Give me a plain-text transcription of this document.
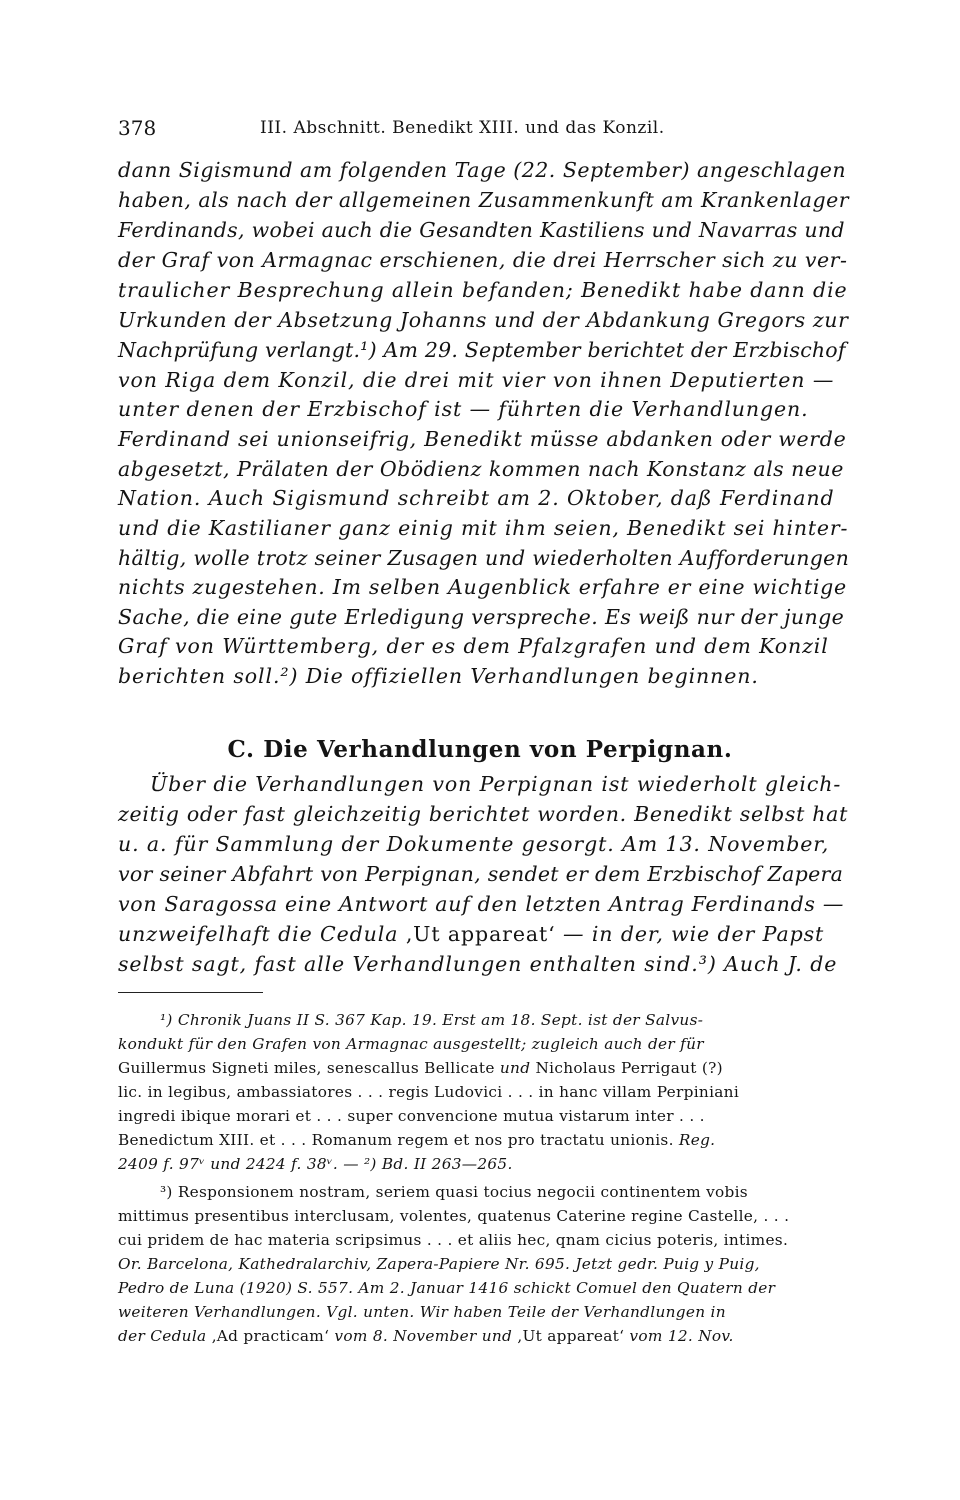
378	III. Abschnitt. Benedikt XIII. und das Konzil.
dann Sigismund am folgenden Tage (22. September) angeschlagen
haben, als nach der allgemeinen Zusammenkunft am Krankenlager
Ferdinands, wobei auch die Gesandten Kastiliens und Navarras und
der Graf von Armagnac erschienen, die drei Herrscher sich zu ver-
traulicher Besprechung allein befanden; Benedikt habe dann die
Urkunden der Absetzung Johanns und der Abdankung Gregors zur
Nachprüfung verlangt.¹) Am 29. September berichtet der Erzbischof
von Riga dem Konzil, die drei mit vier von ihnen Deputierten —
unter denen der Erzbischof ist — führten die Verhandlungen.
Ferdinand sei unionseifrig, Benedikt müsse abdanken oder werde
abgesetzt, Prälaten der Obödienz kommen nach Konstanz als neue
Nation. Auch Sigismund schreibt am 2. Oktober, daß Ferdinand
und die Kastilianer ganz einig mit ihm seien, Benedikt sei hinter-
hältig, wolle trotz seiner Zusagen und wiederholten Aufforderungen
nichts zugestehen. Im selben Augenblick erfahre er eine wichtige
Sache, die eine gute Erledigung verspreche. Es weiß nur der junge
Graf von Württemberg, der es dem Pfalzgrafen und dem Konzil
berichten soll.²) Die offiziellen Verhandlungen beginnen.
C. Die Verhandlungen von Perpignan.
Über die Verhandlungen von Perpignan ist wiederholt gleich-
zeitig oder fast gleichzeitig berichtet worden. Benedikt selbst hat
u. a. für Sammlung der Dokumente gesorgt. Am 13. November,
vor seiner Abfahrt von Perpignan, sendet er dem Erzbischof Zapera
von Saragossa eine Antwort auf den letzten Antrag Ferdinands —
unzweifelhaft die Cedula ‚Ut appareat‘ — in der, wie der Papst
selbst sagt, fast alle Verhandlungen enthalten sind.³) Auch J. de
¹) Chronik Juans II S. 367 Kap. 19. Erst am 18. Sept. ist der Salvus-
konduk​t für den Grafen von Armagnac ausgestellt; zugleich auch der für
Guillermus Signeti miles, senescallus Bellicate und Nicholaus Perrigaut (?)
lic. in legibus, ambassiatores . . . regis Ludovici . . . in hanc villam Perpiniani
ingredi ibique morari et . . . super convencione mutua vistarum inter . . .
Benedictum XIII. et . . . Romanum regem et nos pro tractatu unionis. Reg.
2409 f. 97ᵛ und 2424 f. 38ᵛ. — ²) Bd. II 263—265.
³) Responsionem nostram, seriem quasi tocius negocii continentem vobis
mittimus presentibus interclusam, volentes, quatenus Caterine regine Castelle, . . .
cui pridem de hac materia scripsimus . . . et aliis hec, qnam cicius poteris, intimes.
Or. Barcelona, Kathedralarchiv, Zapera-Papiere Nr. 695. Jetzt gedr. Puig y Puig,
Pedro de Luna (1920) S. 557. Am 2. Januar 1416 schickt Comuel den Quatern der
weiteren Verhandlungen. Vgl. unten. Wir haben Teile der Verhandlungen in
der Cedula ‚Ad practicam‘ vom 8. November und ‚Ut appareat‘ vom 12. Nov.
